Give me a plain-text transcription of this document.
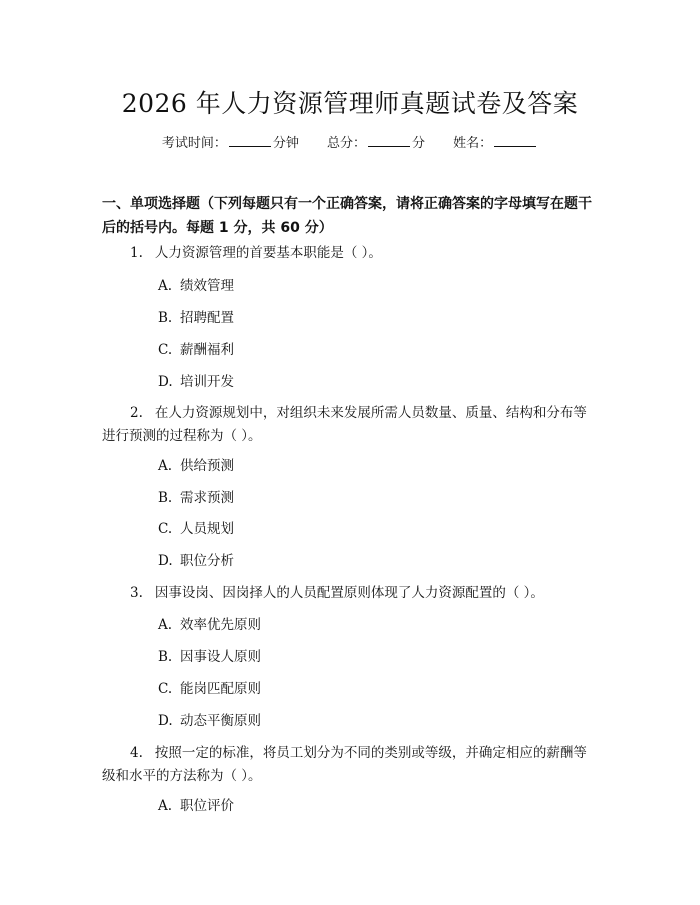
2026 年人力资源管理师真题试卷及答案
考试时间：	分钟 总分：	分 姓名：
一、单项选择题（下列每题只有一个正确答案，请将正确答案的字母填写在题干后的括号内。每题 1 分，共 60 分）
1. 人力资源管理的首要基本职能是（ ）。
A. 绩效管理
B. 招聘配置
C. 薪酬福利
D. 培训开发
2. 在人力资源规划中，对组织未来发展所需人员数量、质量、结构和分布等进行预测的过程称为（ ）。
A. 供给预测
B. 需求预测
C. 人员规划
D. 职位分析
3. 因事设岗、因岗择人的人员配置原则体现了人力资源配置的（ ）。
A. 效率优先原则
B. 因事设人原则
C. 能岗匹配原则
D. 动态平衡原则
4. 按照一定的标准，将员工划分为不同的类别或等级，并确定相应的薪酬等级和水平的方法称为（ ）。
A. 职位评价
